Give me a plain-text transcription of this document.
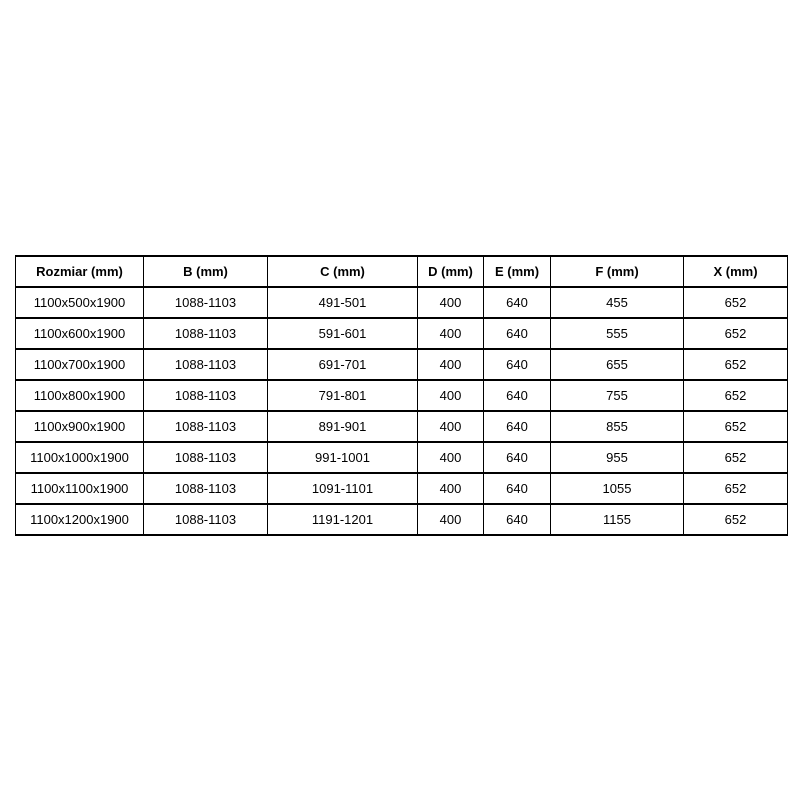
Rozmiar (mm)	B (mm)	C (mm)	D (mm)	E (mm)	F (mm)	X (mm)
1100x500x1900	1088-1103	491-501	400	640	455	652
1100x600x1900	1088-1103	591-601	400	640	555	652
1100x700x1900	1088-1103	691-701	400	640	655	652
1100x800x1900	1088-1103	791-801	400	640	755	652
1100x900x1900	1088-1103	891-901	400	640	855	652
1100x1000x1900	1088-1103	991-1001	400	640	955	652
1100x1100x1900	1088-1103	1091-1101	400	640	1055	652
1100x1200x1900	1088-1103	1191-1201	400	640	1155	652
